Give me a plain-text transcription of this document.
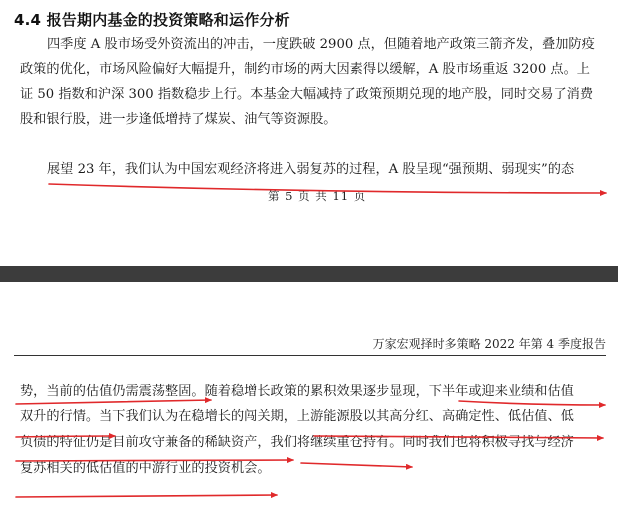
4.4 报告期内基金的投资策略和运作分析
四季度 A 股市场受外资流出的冲击，一度跌破 2900 点，但随着地产政策三箭齐发，叠加防疫
政策的优化，市场风险偏好大幅提升，制约市场的两大因素得以缓解，A 股市场重返 3200 点。上
证 50 指数和沪深 300 指数稳步上行。本基金大幅减持了政策预期兑现的地产股，同时交易了消费
股和银行股，进一步逢低增持了煤炭、油气等资源股。
展望 23 年，我们认为中国宏观经济将进入弱复苏的过程，A 股呈现“强预期、弱现实”的态
第 5 页 共 11 页
万家宏观择时多策略 2022 年第 4 季度报告
势，当前的估值仍需震荡整固。随着稳增长政策的累积效果逐步显现，下半年或迎来业绩和估值
双升的行情。当下我们认为在稳增长的闯关期，上游能源股以其高分红、高确定性、低估值、低
负债的特征仍是目前攻守兼备的稀缺资产，我们将继续重仓持有。同时我们也将积极寻找与经济
复苏相关的低估值的中游行业的投资机会。
